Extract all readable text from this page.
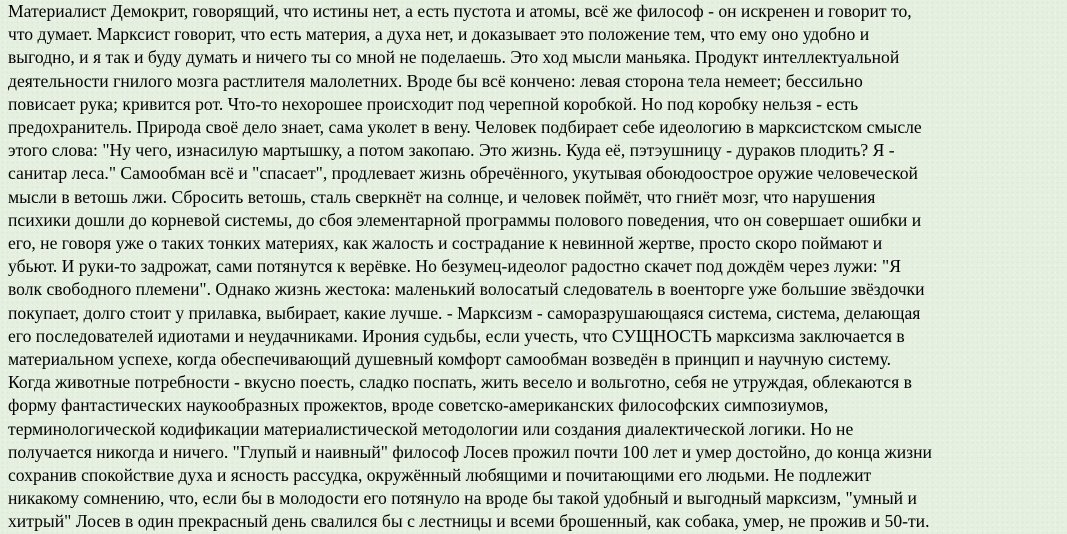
Материалист Демокрит, говорящий, что истины нет, а есть пустота и атомы, всё же философ - он искренен и говорит то,
что думает. Марксист говорит, что есть материя, а духа нет, и доказывает это положение тем, что ему оно удобно и
выгодно, и я так и буду думать и ничего ты со мной не поделаешь. Это ход мысли маньяка. Продукт интеллектуальной
деятельности гнилого мозга растлителя малолетних. Вроде бы всё кончено: левая сторона тела немеет; бессильно
повисает рука; кривится рот. Что-то нехорошее происходит под черепной коробкой. Но под коробку нельзя - есть
предохранитель. Природа своё дело знает, сама уколет в вену. Человек подбирает себе идеологию в марксистском смысле
этого слова: "Ну чего, изнасилую мартышку, а потом закопаю. Это жизнь. Куда её, пэтэушницу - дураков плодить? Я -
санитар леса." Самообман всё и "спасает", продлевает жизнь обречённого, укутывая обоюдоострое оружие человеческой
мысли в ветошь лжи. Сбросить ветошь, сталь сверкнёт на солнце, и человек поймёт, что гниёт мозг, что нарушения
психики дошли до корневой системы, до сбоя элементарной программы полового поведения, что он совершает ошибки и
его, не говоря уже о таких тонких материях, как жалость и сострадание к невинной жертве, просто скоро поймают и
убьют. И руки-то задрожат, сами потянутся к верёвке. Но безумец-идеолог радостно скачет под дождём через лужи: "Я
волк свободного племени". Однако жизнь жестока: маленький волосатый следователь в военторге уже большие звёздочки
покупает, долго стоит у прилавка, выбирает, какие лучше. - Марксизм - саморазрушающаяся система, система, делающая
его последователей идиотами и неудачниками. Ирония судьбы, если учесть, что СУЩНОСТЬ марксизма заключается в
материальном успехе, когда обеспечивающий душевный комфорт самообман возведён в принцип и научную систему.
Когда животные потребности - вкусно поесть, сладко поспать, жить весело и вольготно, себя не утруждая, облекаются в
форму фантастических наукообразных прожектов, вроде советско-американских философских симпозиумов,
терминологической кодификации материалистической методологии или создания диалектической логики. Но не
получается никогда и ничего. "Глупый и наивный" философ Лосев прожил почти 100 лет и умер достойно, до конца жизни
сохранив спокойствие духа и ясность рассудка, окружённый любящими и почитающими его людьми. Не подлежит
никакому сомнению, что, если бы в молодости его потянуло на вроде бы такой удобный и выгодный марксизм, "умный и
хитрый" Лосев в один прекрасный день свалился бы с лестницы и всеми брошенный, как собака, умер, не прожив и 50-ти.
